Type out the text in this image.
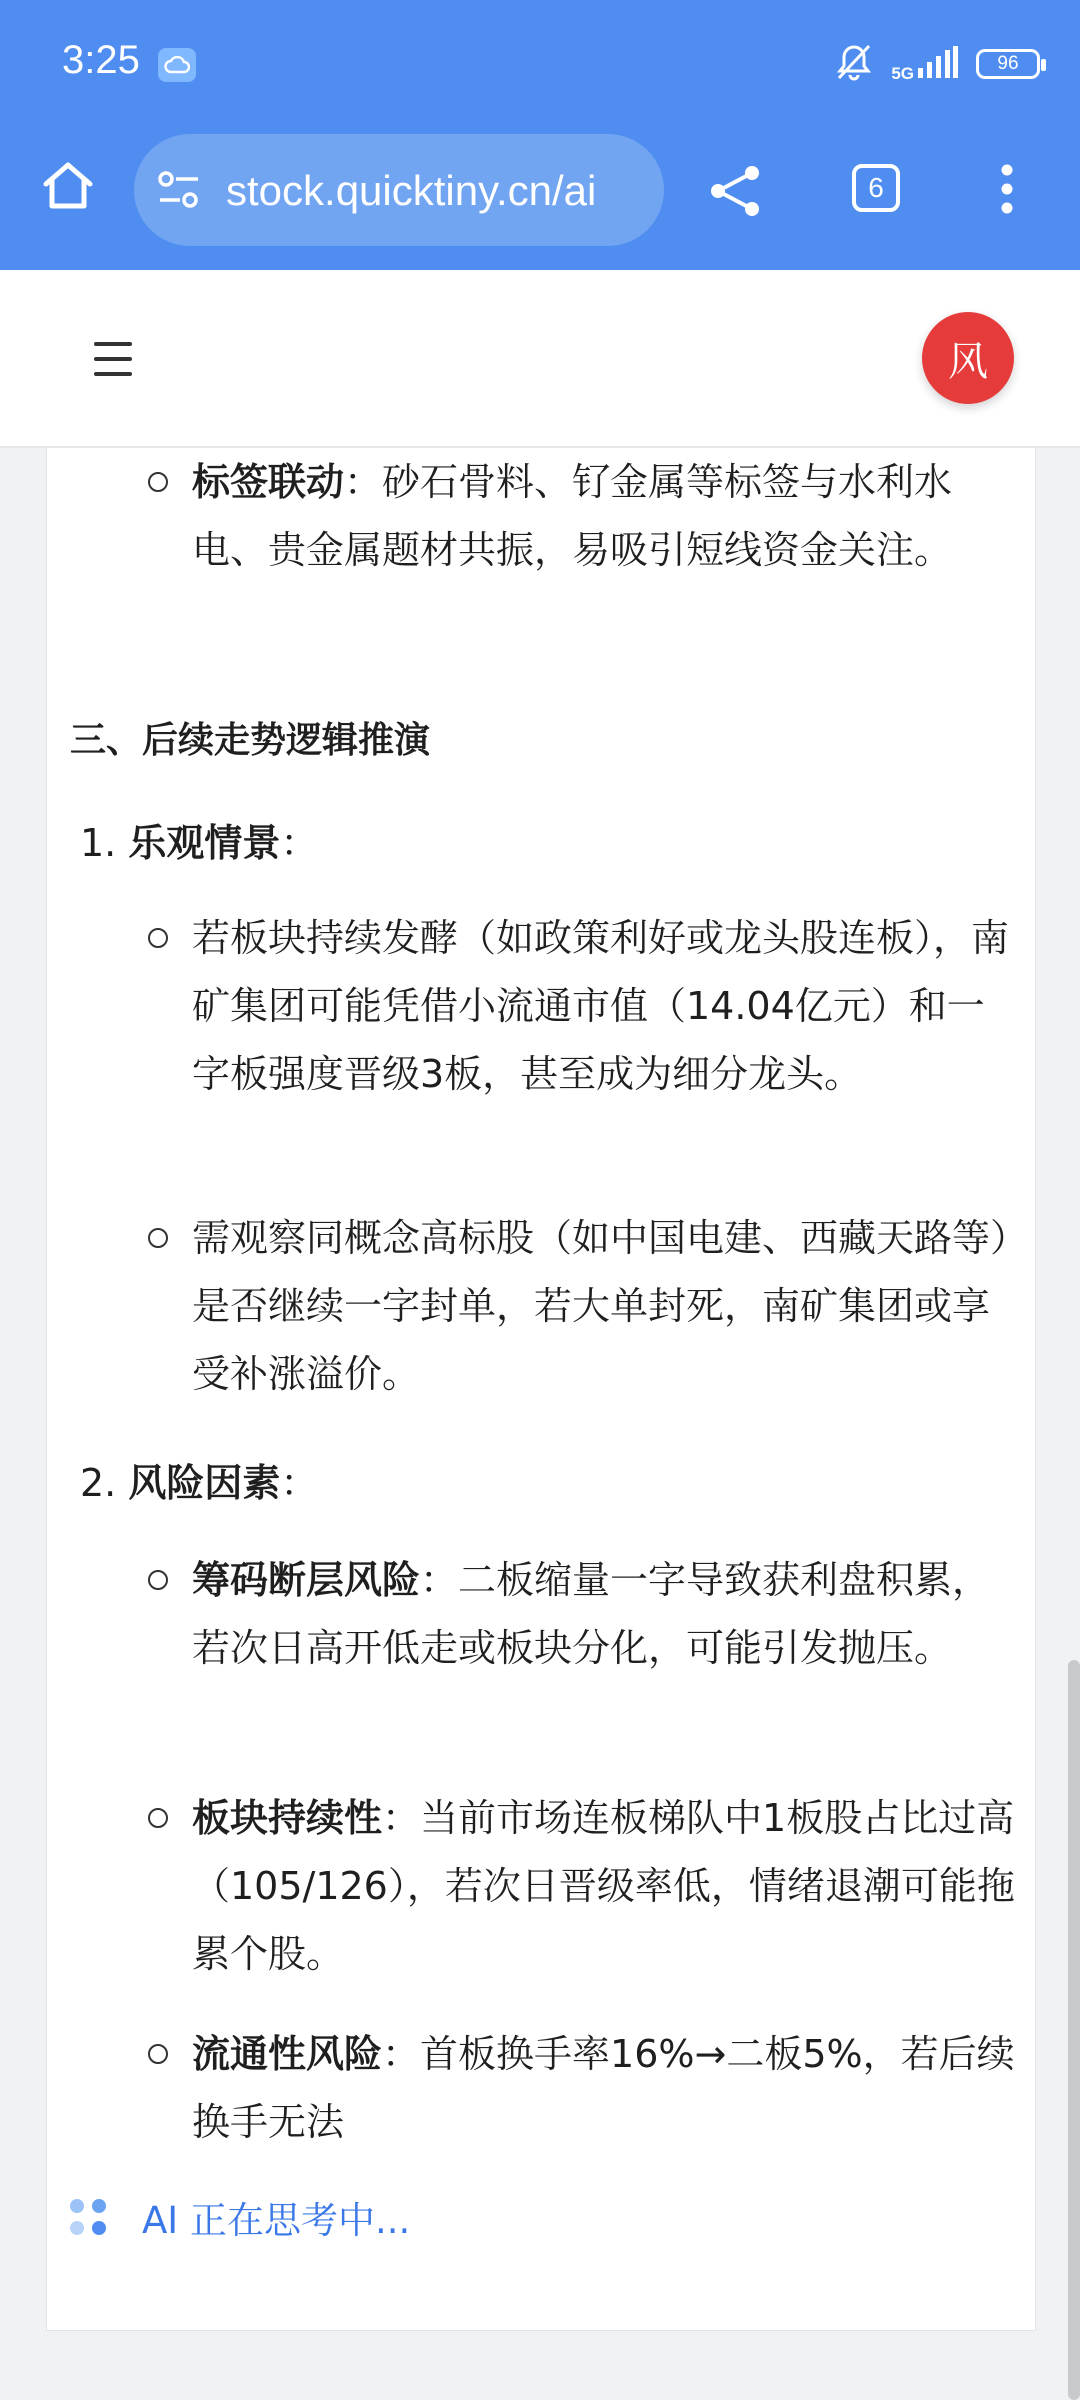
3:25	5G	96
stock.quicktiny.cn/ai	6
风
标签联动：砂石骨料、钌金属等标签与水利水电、贵金属题材共振，易吸引短线资金关注。
三、后续走势逻辑推演
1. 乐观情景：
若板块持续发酵（如政策利好或龙头股连板），南矿集团可能凭借小流通市值（14.04亿元）和一字板强度晋级3板，甚至成为细分龙头。
需观察同概念高标股（如中国电建、西藏天路等）是否继续一字封单，若大单封死，南矿集团或享受补涨溢价。
2. 风险因素：
筹码断层风险：二板缩量一字导致获利盘积累，若次日高开低走或板块分化，可能引发抛压。
板块持续性：当前市场连板梯队中1板股占比过高（105/126），若次日晋级率低，情绪退潮可能拖累个股。
流通性风险：首板换手率16%→二板5%，若后续换手无法
AI 正在思考中...
